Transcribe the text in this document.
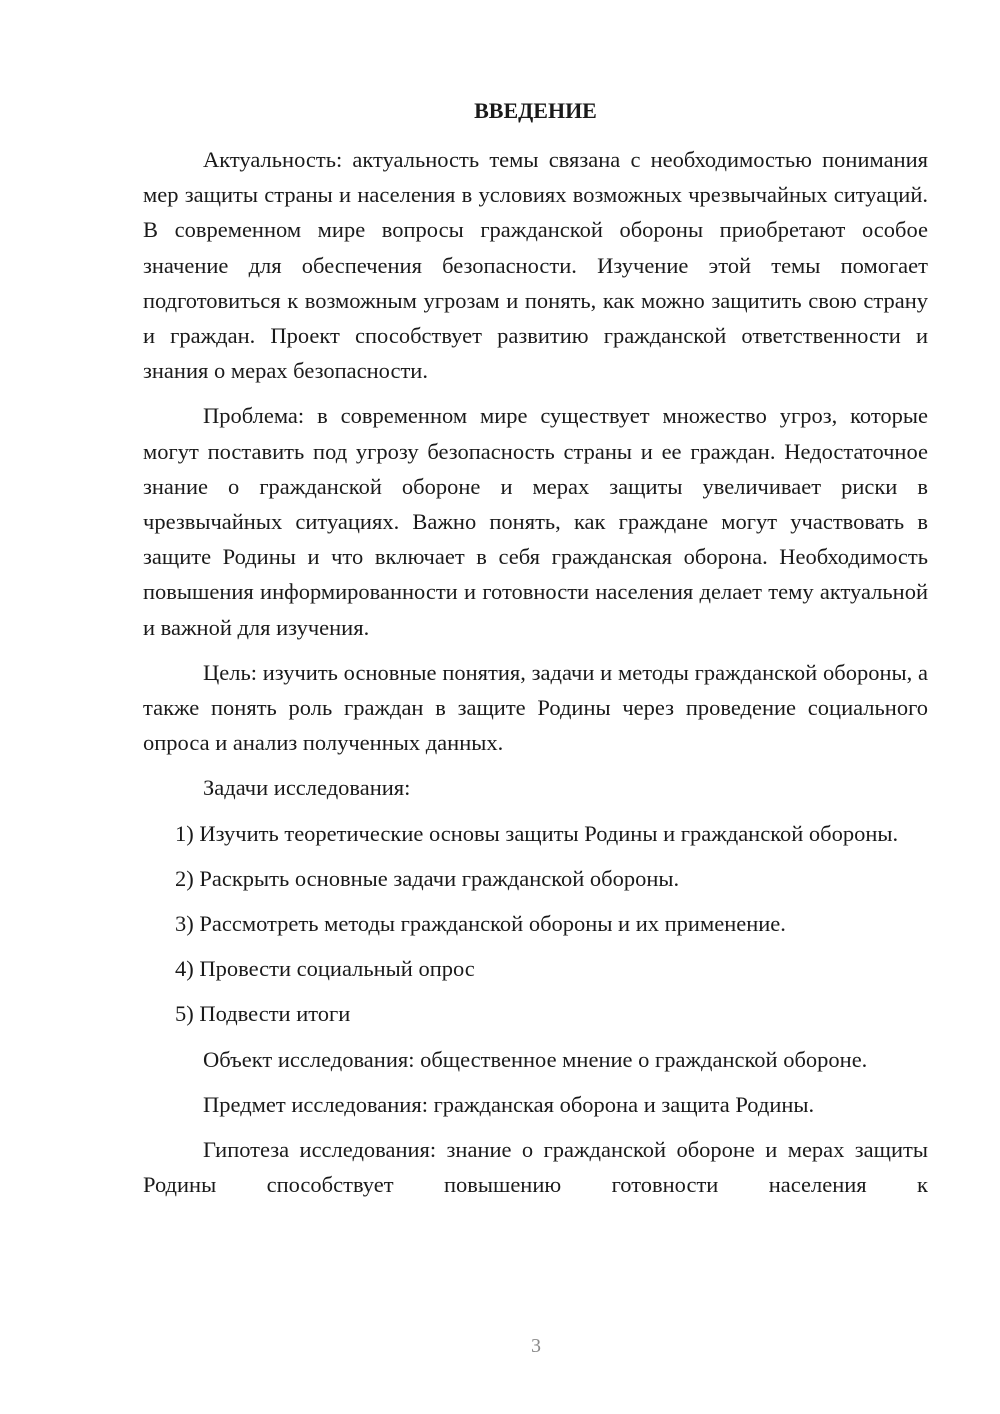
ВВЕДЕНИЕ

Актуальность: актуальность темы связана с необходимостью понимания мер защиты страны и населения в условиях возможных чрезвычайных ситуаций. В современном мире вопросы гражданской обороны приобретают особое значение для обеспечения безопасности. Изучение этой темы помогает подготовиться к возможным угрозам и понять, как можно защитить свою страну и граждан. Проект способствует развитию гражданской ответственности и знания о мерах безопасности.

Проблема: в современном мире существует множество угроз, которые могут поставить под угрозу безопасность страны и ее граждан. Недостаточное знание о гражданской обороне и мерах защиты увеличивает риски в чрезвычайных ситуациях. Важно понять, как граждане могут участвовать в защите Родины и что включает в себя гражданская оборона. Необходимость повышения информированности и готовности населения делает тему актуальной и важной для изучения.

Цель: изучить основные понятия, задачи и методы гражданской обороны, а также понять роль граждан в защите Родины через проведение социального опроса и анализ полученных данных.

Задачи исследования:

1) Изучить теоретические основы защиты Родины и гражданской обороны.

2) Раскрыть основные задачи гражданской обороны.

3) Рассмотреть методы гражданской обороны и их применение.

4) Провести социальный опрос

5) Подвести итоги

Объект исследования: общественное мнение о гражданской обороне.

Предмет исследования: гражданская оборона и защита Родины.

Гипотеза исследования: знание о гражданской обороне и мерах защиты Родины способствует повышению готовности населения к

3
